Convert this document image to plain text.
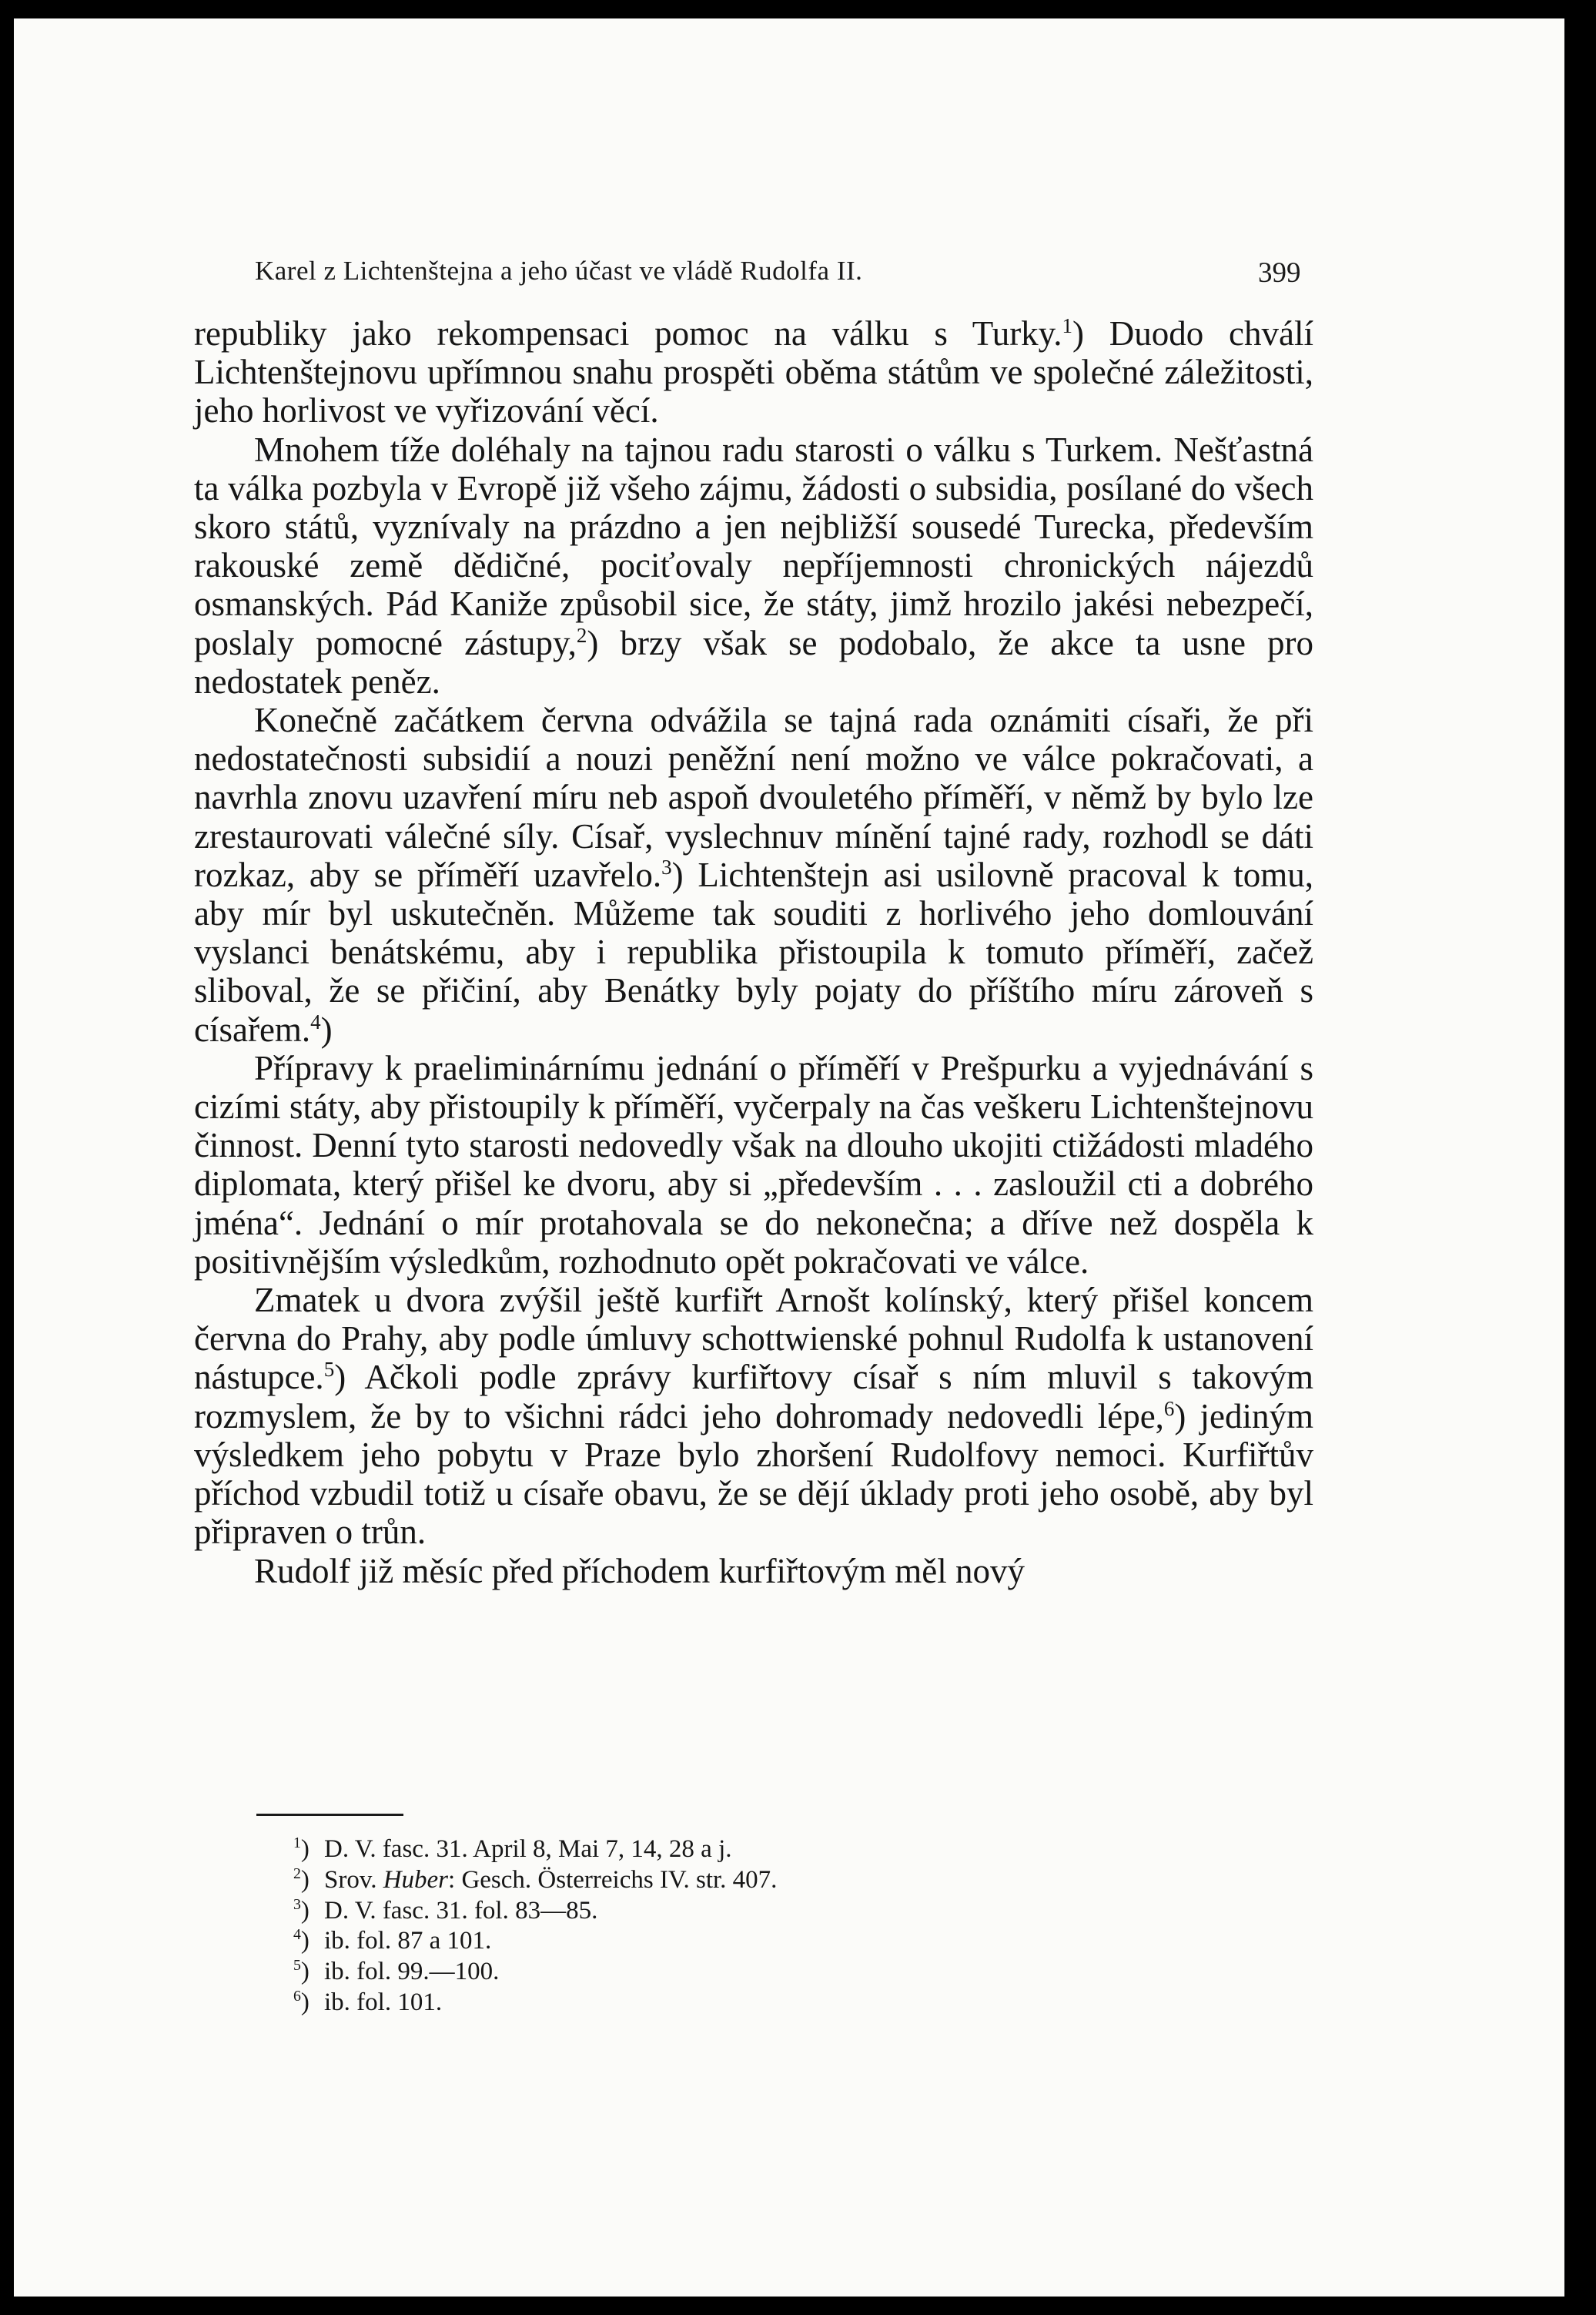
Karel z Lichtenštejna a jeho účast ve vládě Rudolfa II.	399

republiky jako rekompensaci pomoc na válku s Turky.$^1$) Duodo chválí Lichtenštejnovu upřímnou snahu prospěti oběma státům ve společné záležitosti, jeho horlivost ve vyřizování věcí.

Mnohem tíže doléhaly na tajnou radu starosti o válku s Turkem. Nešťastná ta válka pozbyla v Evropě již všeho zájmu, žádosti o subsidia, posílané do všech skoro států, vyznívaly na prázdno a jen nejbližší sousedé Turecka, především rakouské země dědičné, pociťovaly nepříjemnosti chronických nájezdů osmanských. Pád Kaniže způsobil sice, že státy, jimž hrozilo jakési nebezpečí, poslaly pomocné zástupy,$^2$) brzy však se podobalo, že akce ta usne pro nedostatek peněz.

Konečně začátkem června odvážila se tajná rada oznámiti císaři, že při nedostatečnosti subsidií a nouzi peněžní není možno ve válce pokračovati, a navrhla znovu uzavření míru neb aspoň dvouletého příměří, v němž by bylo lze zrestaurovati válečné síly. Císař, vyslechnuv mínění tajné rady, rozhodl se dáti rozkaz, aby se příměří uzavřelo.$^3$) Lichtenštejn asi usilovně pracoval k tomu, aby mír byl uskutečněn. Můžeme tak souditi z horlivého jeho domlouvání vyslanci benátskému, aby i republika přistoupila k tomuto příměří, začež sliboval, že se přičiní, aby Benátky byly pojaty do příštího míru zároveň s císařem.$^4$)

Přípravy k praeliminárnímu jednání o příměří v Prešpurku a vyjednávání s cizími státy, aby přistoupily k příměří, vyčerpaly na čas veškeru Lichtenštejnovu činnost. Denní tyto starosti nedovedly však na dlouho ukojiti ctižádosti mladého diplomata, který přišel ke dvoru, aby si „především . . . zasloužil cti a dobrého jména“. Jednání o mír protahovala se do nekonečna; a dříve než dospěla k positivnějším výsledkům, rozhodnuto opět pokračovati ve válce.

Zmatek u dvora zvýšil ještě kurfiřt Arnošt kolínský, který přišel koncem června do Prahy, aby podle úmluvy schottwienské pohnul Rudolfa k ustanovení nástupce.$^5$) Ačkoli podle zprávy kurfiřtovy císař s ním mluvil s takovým rozmyslem, že by to všichni rádci jeho dohromady nedovedli lépe,$^6$) jediným výsledkem jeho pobytu v Praze bylo zhoršení Rudolfovy nemoci. Kurfiřtův příchod vzbudil totiž u císaře obavu, že se dějí úklady proti jeho osobě, aby byl připraven o trůn.

Rudolf již měsíc před příchodem kurfiřtovým měl nový

$^1$) D. V. fasc. 31. April 8, Mai 7, 14, 28 a j.
$^2$) Srov. Huber: Gesch. Österreichs IV. str. 407.
$^3$) D. V. fasc. 31. fol. 83—85.
$^4$) ib. fol. 87 a 101.
$^5$) ib. fol. 99.—100.
$^6$) ib. fol. 101.
